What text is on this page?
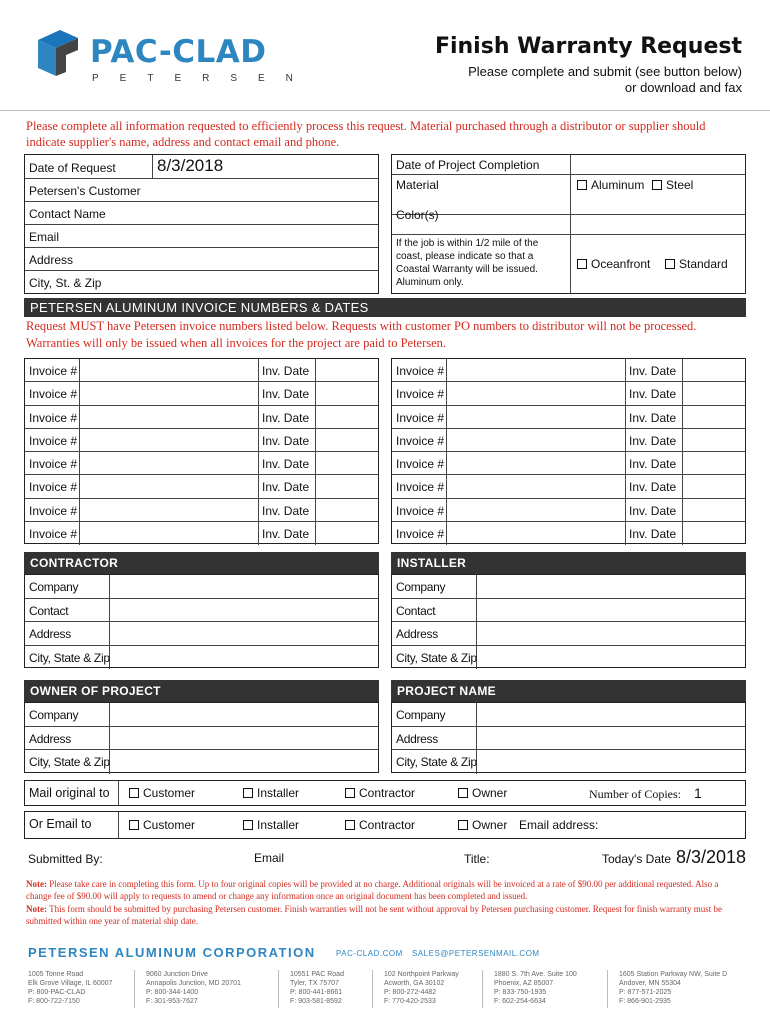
PAC-CLAD
PETERSEN
Finish Warranty Request
Please complete and submit (see button below)
or download and fax
Please complete all information requested to efficiently process this request. Material purchased through a distributor or supplier should indicate supplier's name, address and contact email and phone.
Date of Request 8/3/2018
Petersen's Customer
Contact Name
Email
Address
City, St. & Zip
Date of Project Completion
Material	Aluminum	Steel
Color(s)
If the job is within 1/2 mile of the coast, please indicate so that a Coastal Warranty will be issued. Aluminum only.
Oceanfront	Standard
PETERSEN ALUMINUM INVOICE NUMBERS & DATES
Request MUST have Petersen invoice numbers listed below. Requests with customer PO numbers to distributor will not be processed. Warranties will only be issued when all invoices for the project are paid to Petersen.
Invoice #	Inv. Date
Invoice #	Inv. Date
Invoice #	Inv. Date
Invoice #	Inv. Date
Invoice #	Inv. Date
Invoice #	Inv. Date
Invoice #	Inv. Date
Invoice #	Inv. Date
Invoice #	Inv. Date
Invoice #	Inv. Date
Invoice #	Inv. Date
Invoice #	Inv. Date
Invoice #	Inv. Date
Invoice #	Inv. Date
Invoice #	Inv. Date
Invoice #	Inv. Date
CONTRACTOR
Company
Contact
Address
City, State & Zip
INSTALLER
Company
Contact
Address
City, State & Zip
OWNER OF PROJECT
Company
Address
City, State & Zip
PROJECT NAME
Company
Address
City, State & Zip
Mail original to	Customer	Installer	Contractor	Owner	Number of Copies: 1
Or Email to	Customer	Installer	Contractor	Owner Email address:
Submitted By:	Email	Title:	Today's Date 8/3/2018
Note: Please take care in completing this form. Up to four original copies will be provided at no charge. Additional originals will be invoiced at a rate of $90.00 per additional requested. Also a change fee of $90.00 will apply to requests to amend or change any information once an original document has been completed and issued.
Note: This form should be submitted by purchasing Petersen customer. Finish warranties will not be sent without approval by Petersen purchasing customer. Request for finish warranty must be submitted within one year of material ship date.
PETERSEN ALUMINUM CORPORATION	PAC-CLAD.COM SALES@PETERSENMAIL.COM
1005 Tonne Road
Elk Grove Village, IL 60007
P: 800-PAC-CLAD
F: 800-722-7150
9060 Junction Drive
Annapolis Junction, MD 20701
P: 800-344-1400
F: 301-953-7627
10551 PAC Road
Tyler, TX 75707
P: 800-441-8661
F: 903-581-8592
102 Northpoint Parkway
Acworth, GA 30102
P: 800-272-4482
F: 770-420-2533
1880 S. 7th Ave. Suite 100
Phoenix, AZ 85007
P: 833-750-1935
F: 602-254-6634
1605 Station Parkway NW, Suite D
Andover, MN 55304
P: 877-571-2025
F: 866-901-2935
